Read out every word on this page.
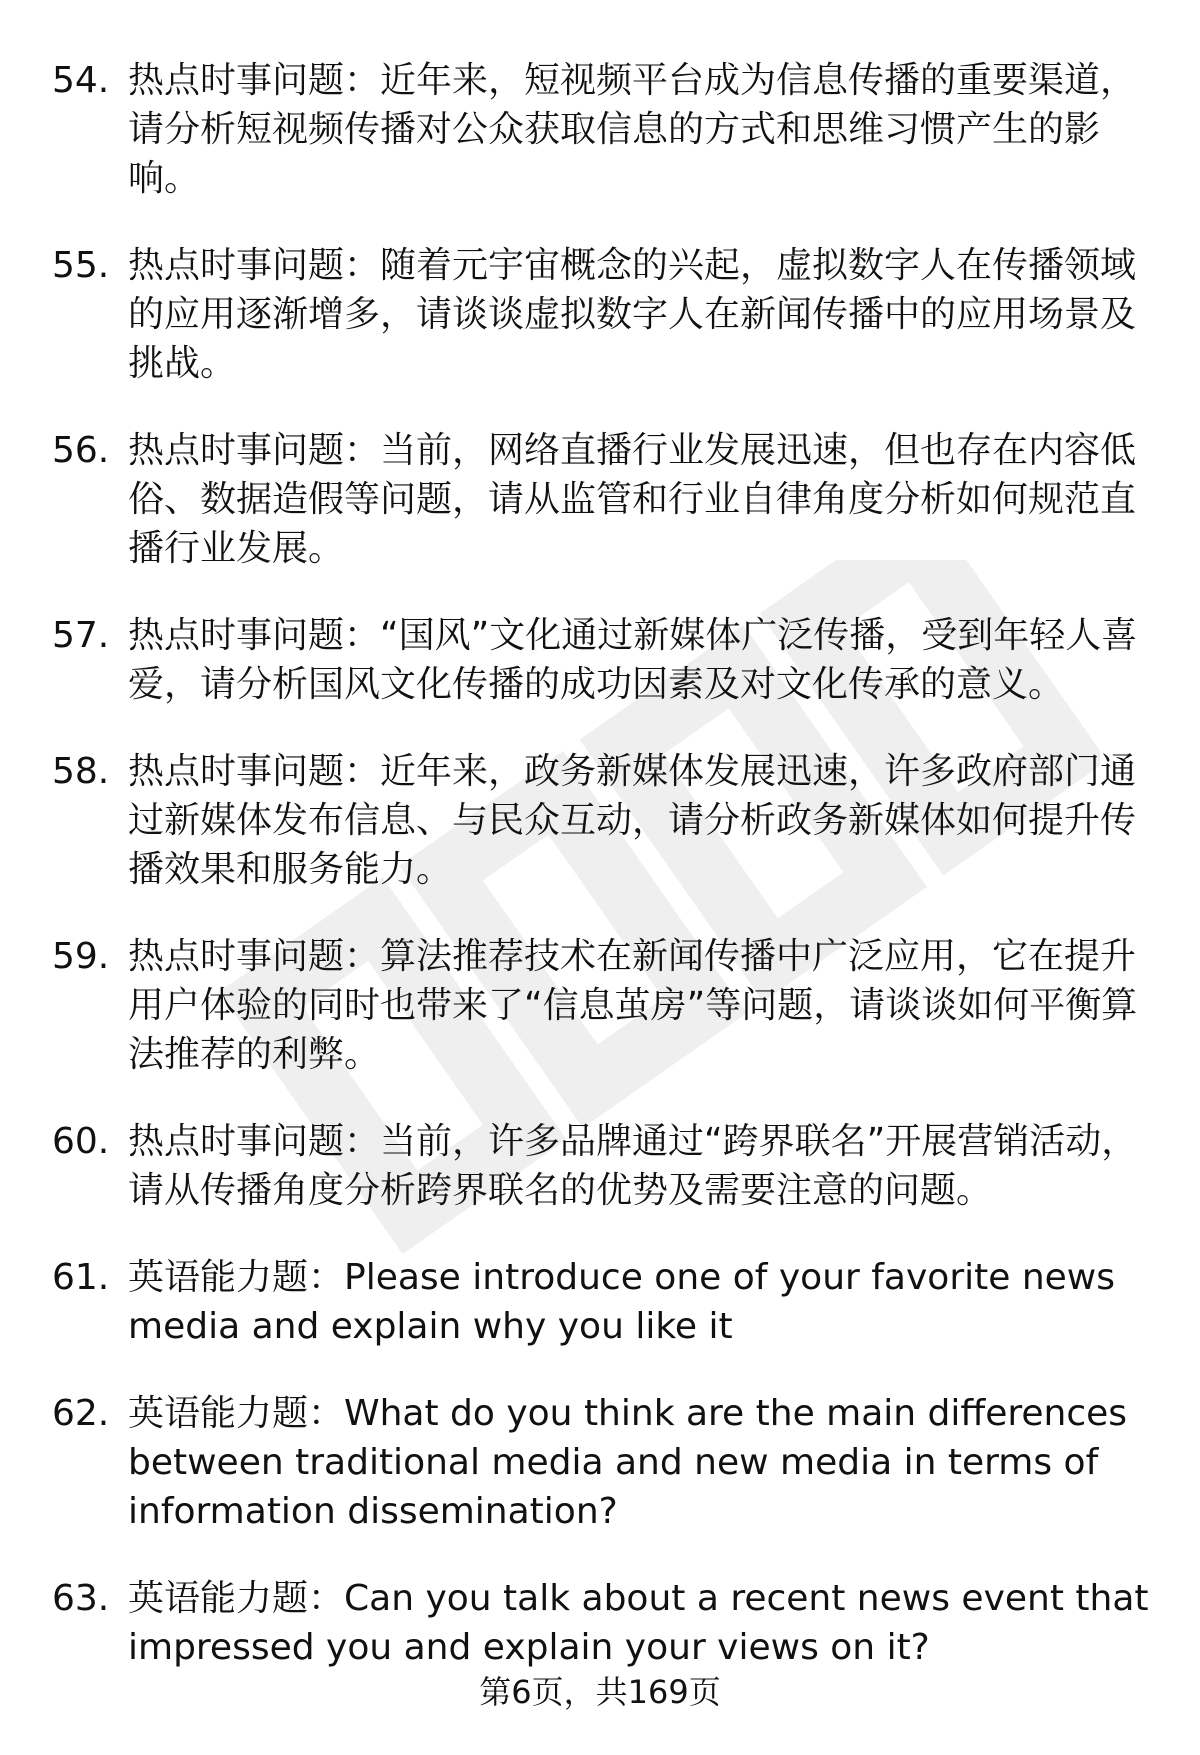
54. 热点时事问题：近年来，短视频平台成为信息传播的重要渠道，请分析短视频传播对公众获取信息的方式和思维习惯产生的影响。
55. 热点时事问题：随着元宇宙概念的兴起，虚拟数字人在传播领域的应用逐渐增多，请谈谈虚拟数字人在新闻传播中的应用场景及挑战。
56. 热点时事问题：当前，网络直播行业发展迅速，但也存在内容低俗、数据造假等问题，请从监管和行业自律角度分析如何规范直播行业发展。
57. 热点时事问题：“国风”文化通过新媒体广泛传播，受到年轻人喜爱，请分析国风文化传播的成功因素及对文化传承的意义。
58. 热点时事问题：近年来，政务新媒体发展迅速，许多政府部门通过新媒体发布信息、与民众互动，请分析政务新媒体如何提升传播效果和服务能力。
59. 热点时事问题：算法推荐技术在新闻传播中广泛应用，它在提升用户体验的同时也带来了“信息茧房”等问题，请谈谈如何平衡算法推荐的利弊。
60. 热点时事问题：当前，许多品牌通过“跨界联名”开展营销活动，请从传播角度分析跨界联名的优势及需要注意的问题。
61. 英语能力题：Please introduce one of your favorite news media and explain why you like it
62. 英语能力题：What do you think are the main differences between traditional media and new media in terms of information dissemination?
63. 英语能力题：Can you talk about a recent news event that impressed you and explain your views on it?
第6页，共169页
